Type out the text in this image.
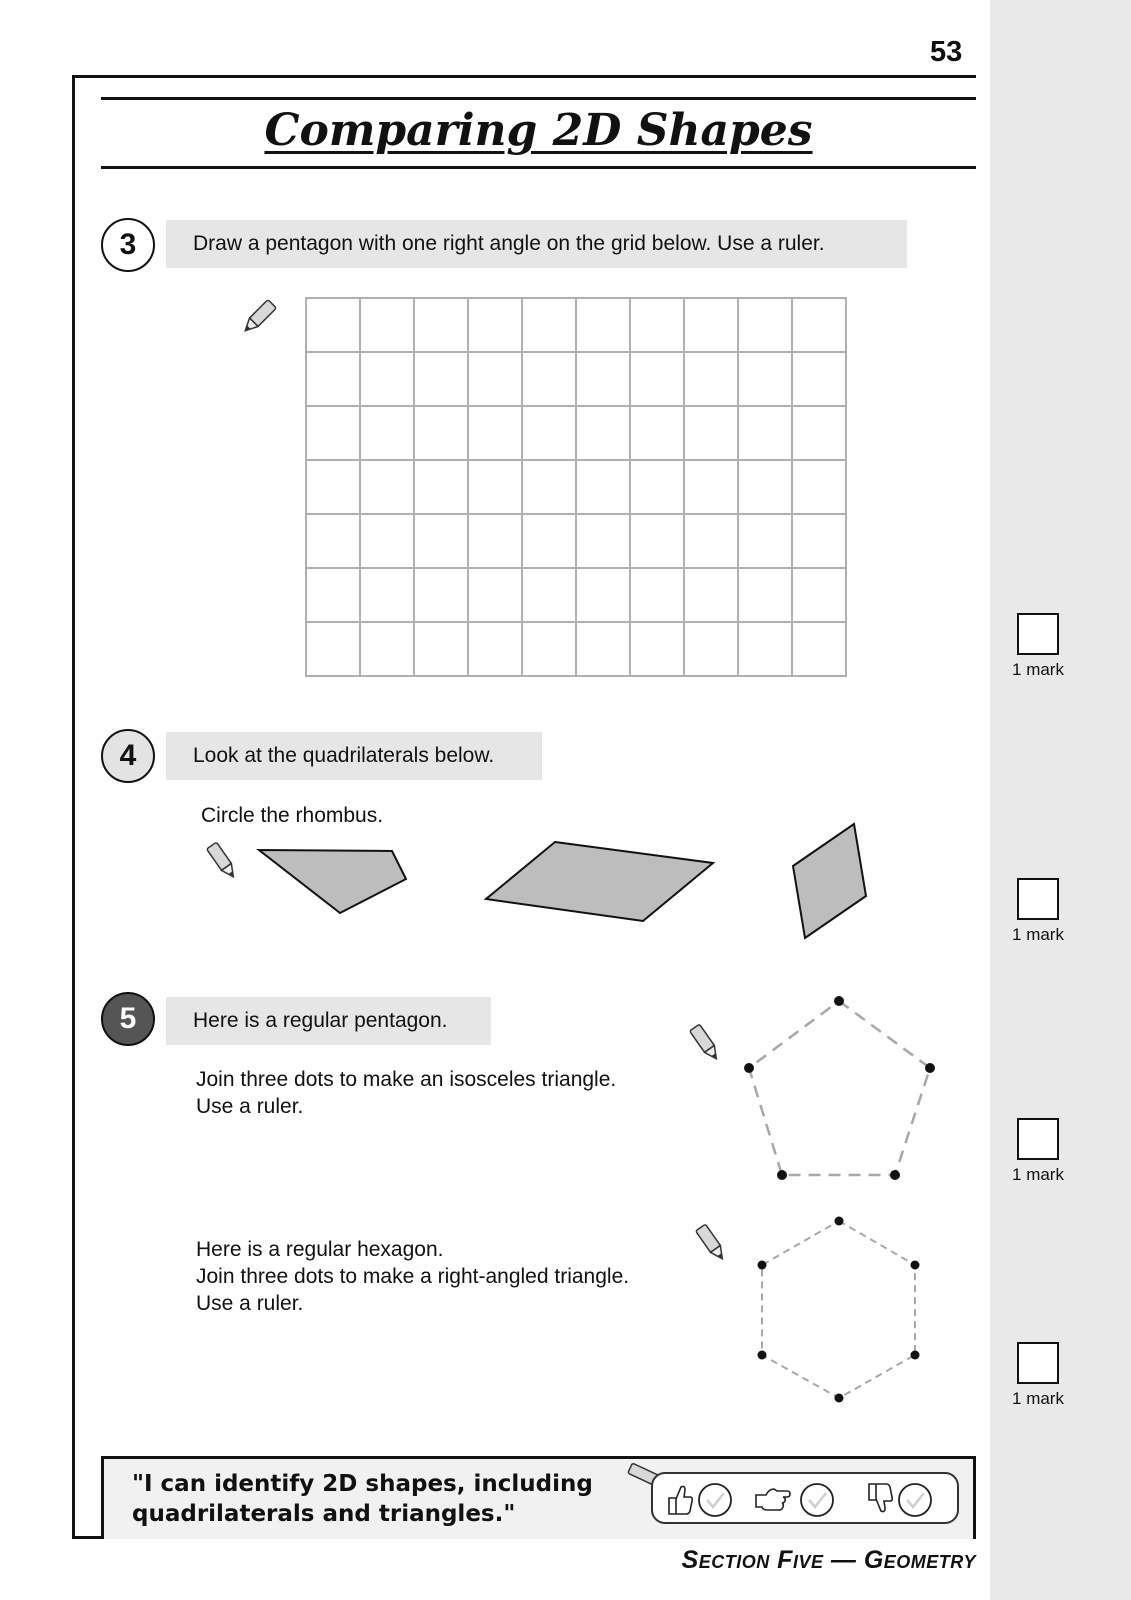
53
Comparing 2D Shapes
3	Draw a pentagon with one right angle on the grid below. Use a ruler.
4	Look at the quadrilaterals below.
Circle the rhombus.
5	Here is a regular pentagon.
Join three dots to make an isosceles triangle.
Use a ruler.
Here is a regular hexagon.
Join three dots to make a right-angled triangle.
Use a ruler.
1 mark
1 mark
1 mark
1 mark
"I can identify 2D shapes, including
quadrilaterals and triangles."
Section Five — Geometry
